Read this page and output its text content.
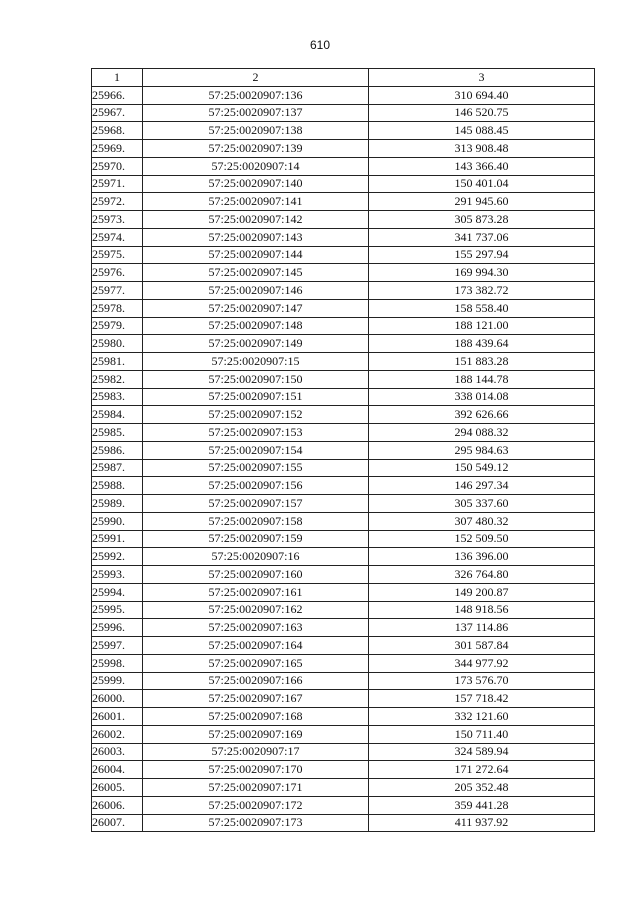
610
1	2	3
25966.	57:25:0020907:136	310 694.40
25967.	57:25:0020907:137	146 520.75
25968.	57:25:0020907:138	145 088.45
25969.	57:25:0020907:139	313 908.48
25970.	57:25:0020907:14	143 366.40
25971.	57:25:0020907:140	150 401.04
25972.	57:25:0020907:141	291 945.60
25973.	57:25:0020907:142	305 873.28
25974.	57:25:0020907:143	341 737.06
25975.	57:25:0020907:144	155 297.94
25976.	57:25:0020907:145	169 994.30
25977.	57:25:0020907:146	173 382.72
25978.	57:25:0020907:147	158 558.40
25979.	57:25:0020907:148	188 121.00
25980.	57:25:0020907:149	188 439.64
25981.	57:25:0020907:15	151 883.28
25982.	57:25:0020907:150	188 144.78
25983.	57:25:0020907:151	338 014.08
25984.	57:25:0020907:152	392 626.66
25985.	57:25:0020907:153	294 088.32
25986.	57:25:0020907:154	295 984.63
25987.	57:25:0020907:155	150 549.12
25988.	57:25:0020907:156	146 297.34
25989.	57:25:0020907:157	305 337.60
25990.	57:25:0020907:158	307 480.32
25991.	57:25:0020907:159	152 509.50
25992.	57:25:0020907:16	136 396.00
25993.	57:25:0020907:160	326 764.80
25994.	57:25:0020907:161	149 200.87
25995.	57:25:0020907:162	148 918.56
25996.	57:25:0020907:163	137 114.86
25997.	57:25:0020907:164	301 587.84
25998.	57:25:0020907:165	344 977.92
25999.	57:25:0020907:166	173 576.70
26000.	57:25:0020907:167	157 718.42
26001.	57:25:0020907:168	332 121.60
26002.	57:25:0020907:169	150 711.40
26003.	57:25:0020907:17	324 589.94
26004.	57:25:0020907:170	171 272.64
26005.	57:25:0020907:171	205 352.48
26006.	57:25:0020907:172	359 441.28
26007.	57:25:0020907:173	411 937.92
